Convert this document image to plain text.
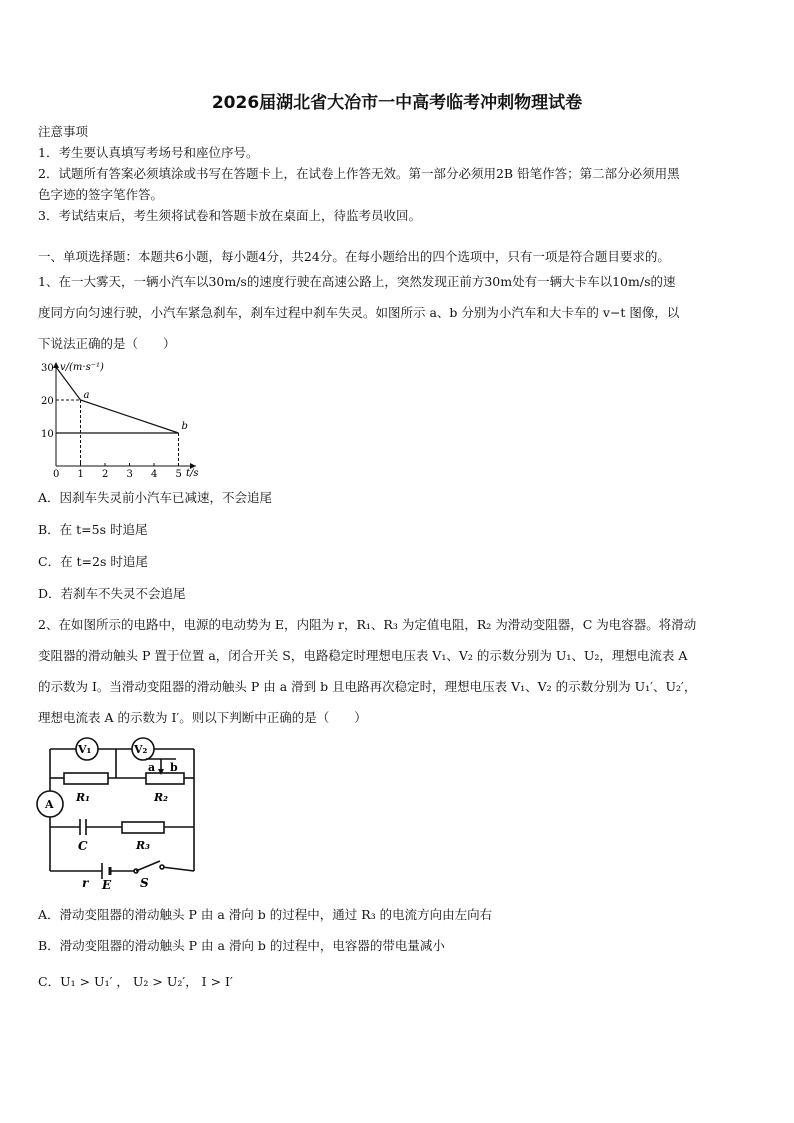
2026届湖北省大冶市一中高考临考冲刺物理试卷
注意事项
1．考生要认真填写考场号和座位序号。
2．试题所有答案必须填涂或书写在答题卡上，在试卷上作答无效。第一部分必须用2B 铅笔作答；第二部分必须用黑
色字迹的签字笔作答。
3．考试结束后，考生须将试卷和答题卡放在桌面上，待监考员收回。
一、单项选择题：本题共6小题，每小题4分，共24分。在每小题给出的四个选项中，只有一项是符合题目要求的。
1、在一大雾天，一辆小汽车以30m/s的速度行驶在高速公路上，突然发现正前方30m处有一辆大卡车以10m/s的速
度同方向匀速行驶，小汽车紧急刹车，刹车过程中刹车失灵。如图所示 a、b 分别为小汽车和大卡车的 v−t 图像，以
下说法正确的是（　　）
0 1 2 3 4 5
10
20
30
a
b
v/(m·s⁻¹)
t/s
A．因刹车失灵前小汽车已减速，不会追尾
B．在 t=5s 时追尾
C．在 t=2s 时追尾
D．若刹车不失灵不会追尾
2、在如图所示的电路中，电源的电动势为 E，内阻为 r，R₁、R₃ 为定值电阻，R₂ 为滑动变阻器，C 为电容器。将滑动
变阻器的滑动触头 P 置于位置 a，闭合开关 S，电路稳定时理想电压表 V₁、V₂ 的示数分别为 U₁、U₂，理想电流表 A
的示数为 I。当滑动变阻器的滑动触头 P 由 a 滑到 b 且电路再次稳定时，理想电压表 V₁、V₂ 的示数分别为 U₁′、U₂′，
理想电流表 A 的示数为 I′。则以下判断中正确的是（　　）
V₁	V₂
A
R₁	R₂
R₃
C
r E S
a b
A．滑动变阻器的滑动触头 P 由 a 滑向 b 的过程中，通过 R₃ 的电流方向由左向右
B．滑动变阻器的滑动触头 P 由 a 滑向 b 的过程中，电容器的带电量减小
C．U₁ > U₁′ ， U₂ > U₂′， I > I′
